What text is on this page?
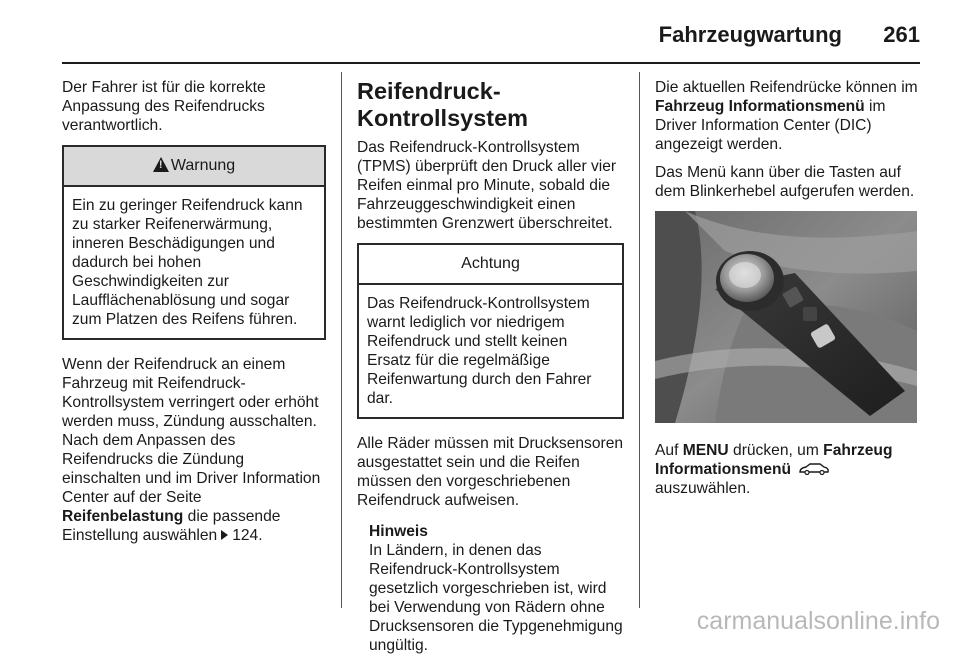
Fahrzeugwartung 261

Der Fahrer ist für die korrekte Anpassung des Reifendrucks verantwortlich.

!Warnung
Ein zu geringer Reifendruck kann zu starker Reifenerwärmung, inneren Beschädigungen und dadurch bei hohen Geschwindigkeiten zur Laufflächenablösung und sogar zum Platzen des Reifens führen.

Wenn der Reifendruck an einem Fahrzeug mit Reifendruck-Kontrollsystem verringert oder erhöht werden muss, Zündung ausschalten. Nach dem Anpassen des Reifendrucks die Zündung einschalten und im Driver Information Center auf der Seite Reifenbelastung die passende Einstellung auswählen 124.

Reifendruck-Kontrollsystem

Das Reifendruck-Kontrollsystem (TPMS) überprüft den Druck aller vier Reifen einmal pro Minute, sobald die Fahrzeuggeschwindigkeit einen bestimmten Grenzwert überschreitet.

Achtung
Das Reifendruck-Kontrollsystem warnt lediglich vor niedrigem Reifendruck und stellt keinen Ersatz für die regelmäßige Reifenwartung durch den Fahrer dar.

Alle Räder müssen mit Drucksensoren ausgestattet sein und die Reifen müssen den vorgeschriebenen Reifendruck aufweisen.

Hinweis
In Ländern, in denen das Reifendruck-Kontrollsystem gesetzlich vorgeschrieben ist, wird bei Verwendung von Rädern ohne Drucksensoren die Typgenehmigung ungültig.

Die aktuellen Reifendrücke können im Fahrzeug Informationsmenü im Driver Information Center (DIC) angezeigt werden.

Das Menü kann über die Tasten auf dem Blinkerhebel aufgerufen werden.

Auf MENU drücken, um Fahrzeug Informationsmenü  auszuwählen.

carmanualsonline.info
